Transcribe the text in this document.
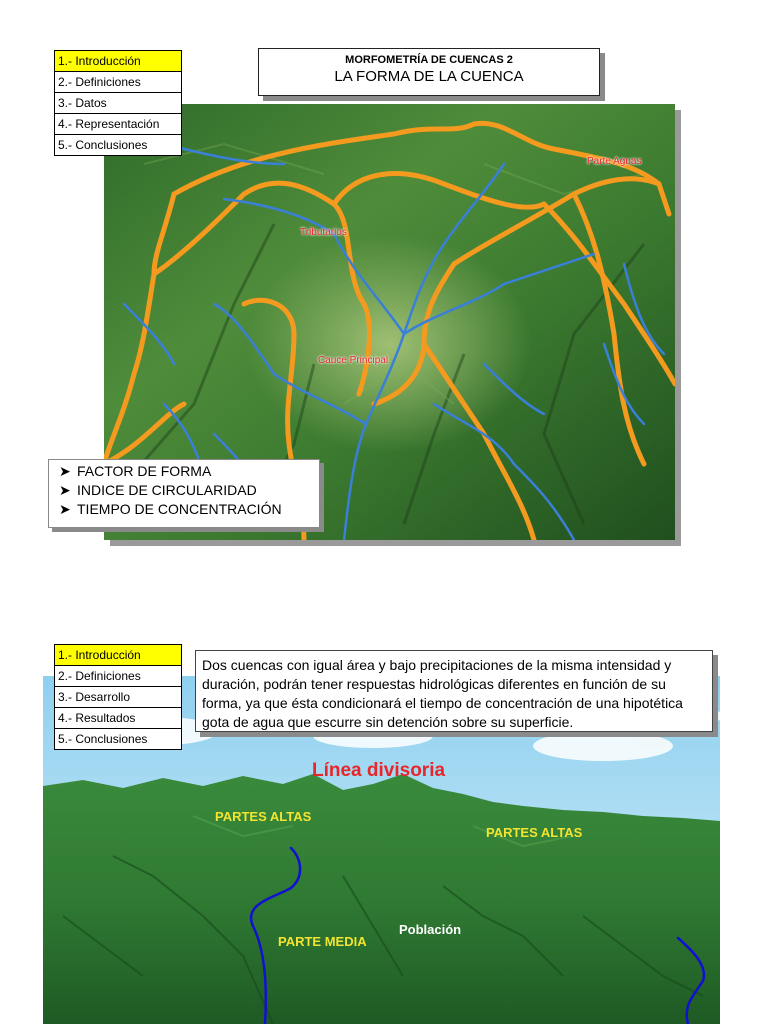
Parte Aguas
Tributarios
Cauce Principal
MORFOMETRÍA DE CUENCAS 2
LA FORMA DE LA CUENCA
1.- Introducción
2.- Definiciones
3.- Datos
4.- Representación
5.- Conclusiones
➤ FACTOR DE FORMA
➤ INDICE DE CIRCULARIDAD
➤ TIEMPO DE CONCENTRACIÓN
Línea divisoria
PARTES ALTAS
PARTES ALTAS
PARTE MEDIA
Población
1.- Introducción
2.- Definiciones
3.- Desarrollo
4.- Resultados
5.- Conclusiones
Dos cuencas con igual área y bajo precipitaciones de la misma intensidad y duración, podrán tener respuestas hidrológicas diferentes en función de su forma, ya que ésta condicionará el tiempo de concentración de una hipotética gota de agua que escurre sin detención sobre su superficie.
